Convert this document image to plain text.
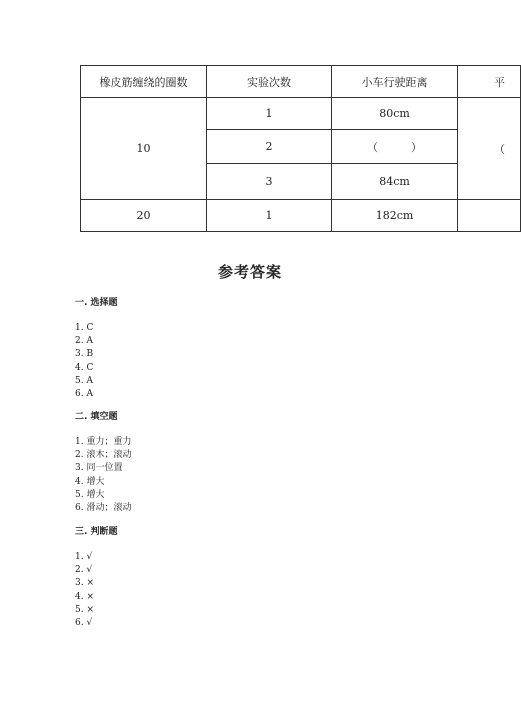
橡皮筋缠绕的圈数	实验次数	小车行驶距离	平
10	1	80cm	（
	2	（　　　）	
	3	84cm	
20	1	182cm	
参考答案
一. 选择题
1. C
2. A
3. B
4. C
5. A
6. A
二. 填空题
1. 重力；重力
2. 滚木；滚动
3. 同一位置
4. 增大
5. 增大
6. 滑动；滚动
三. 判断题
1. √
2. √
3. ×
4. ×
5. ×
6. √
